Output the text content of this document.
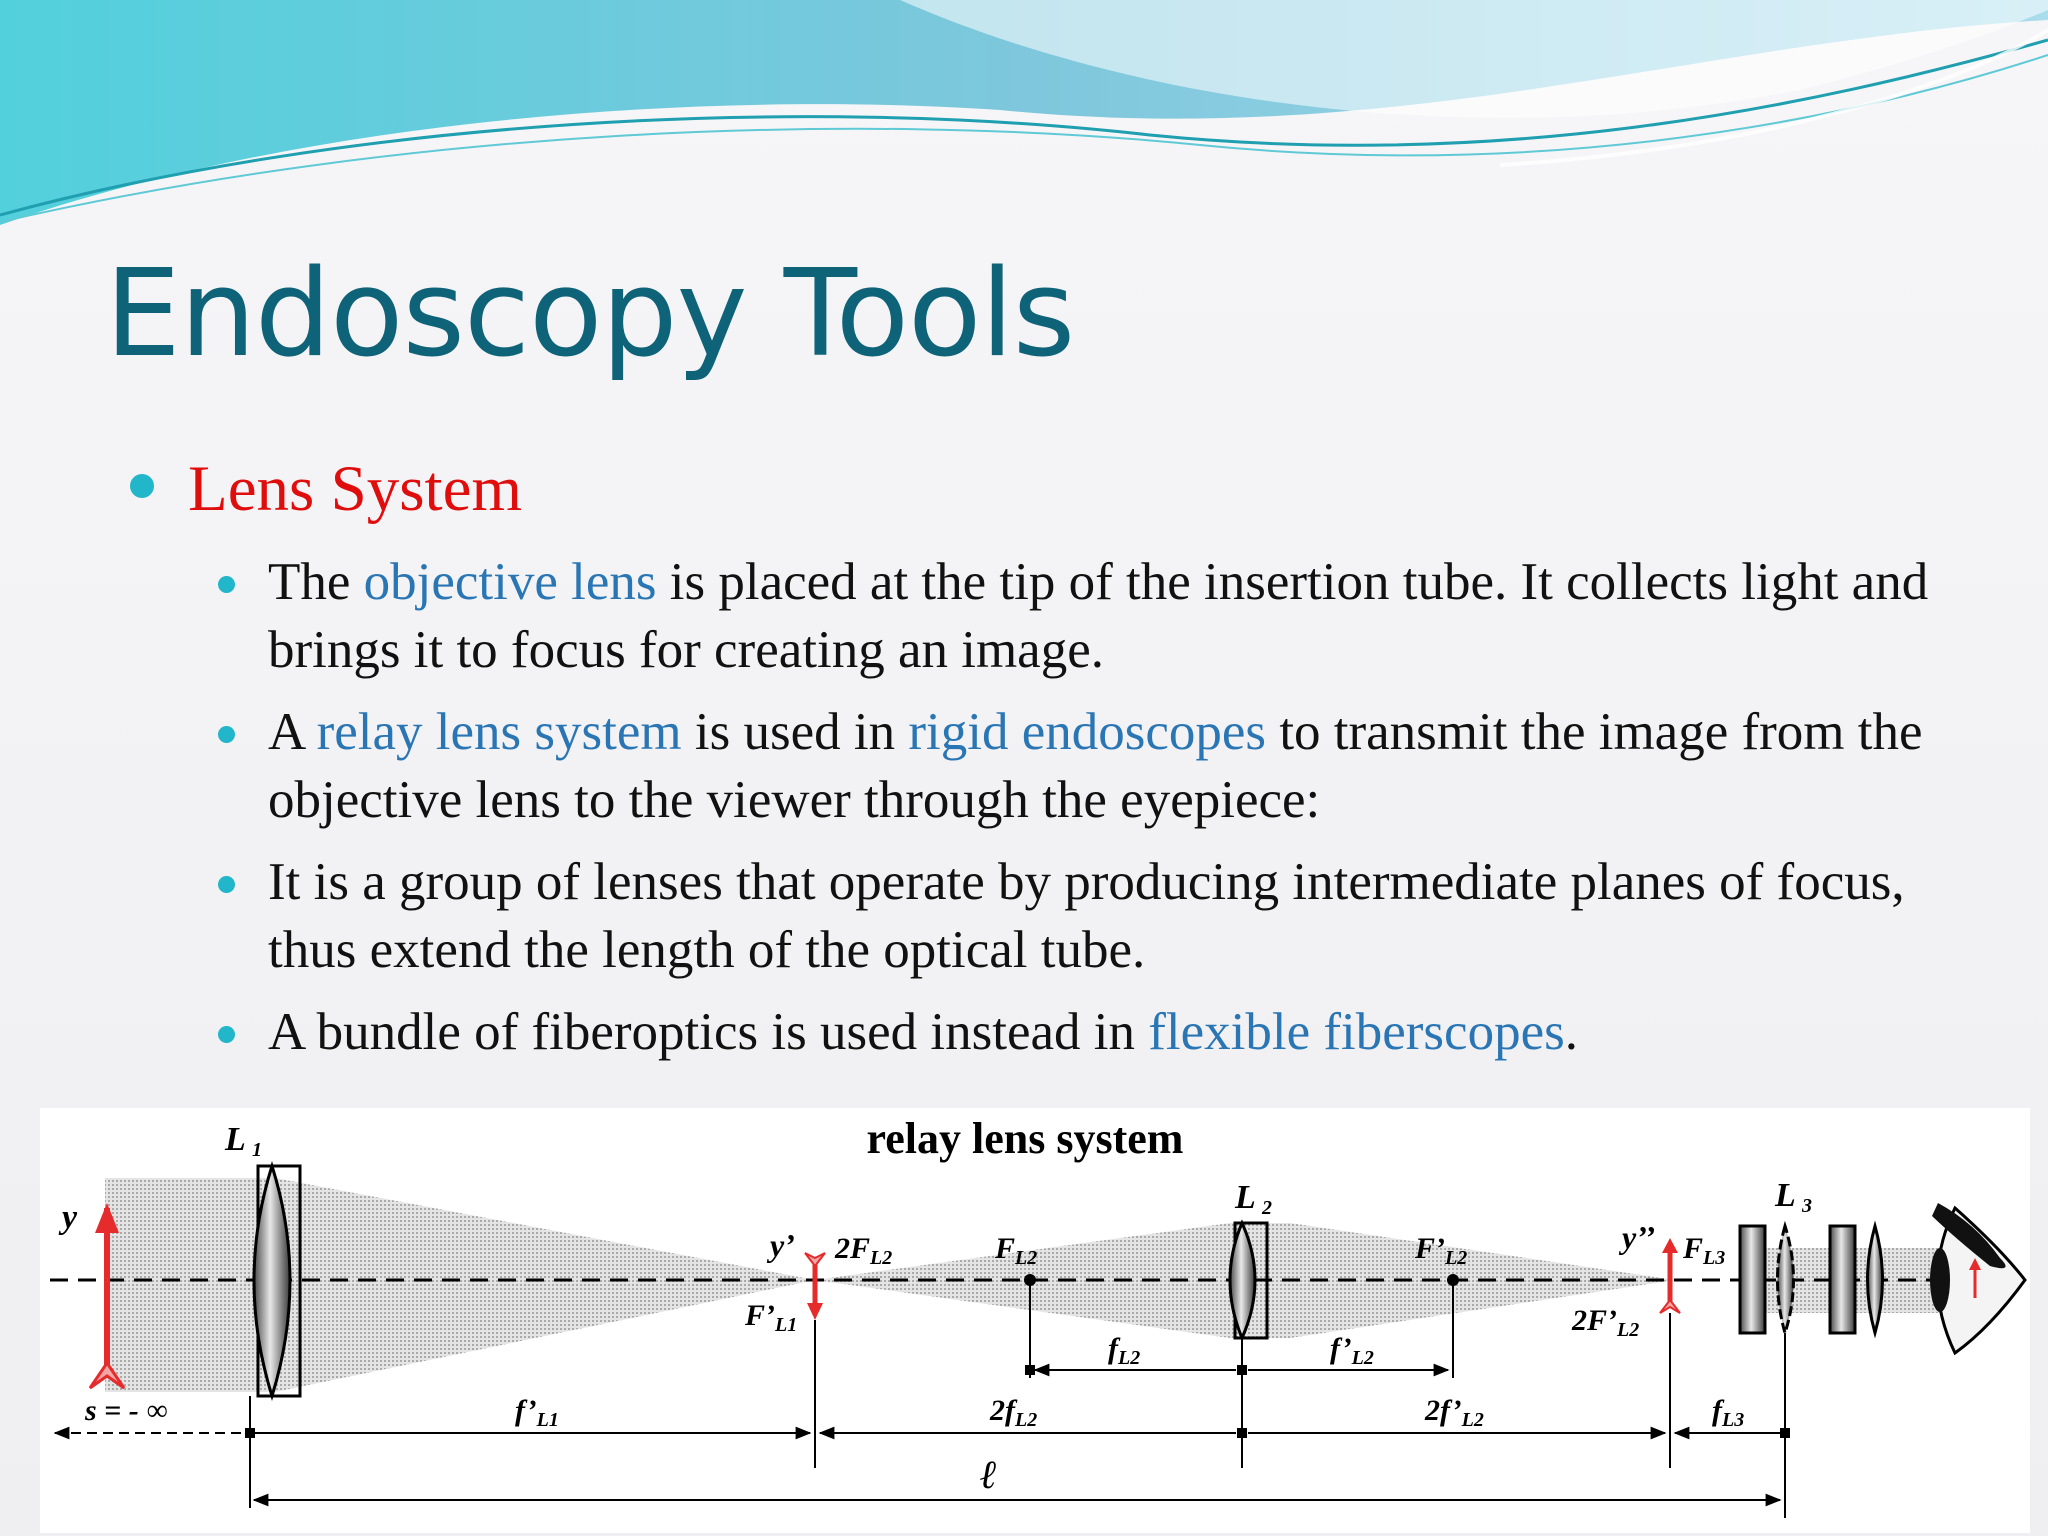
Endoscopy Tools
Lens System
The objective lens is placed at the tip of the insertion tube. It collects light and brings it to focus for creating an image.
A relay lens system is used in rigid endoscopes to transmit the image from the objective lens to the viewer through the eyepiece:
It is a group of lenses that operate by producing intermediate planes of focus, thus extend the length of the optical tube.
A bundle of fiberoptics is used instead in flexible fiberscopes.
relay lens system
L
L	L
y
y’	y’’
$2F_{L2}$	$F_{L2}$	$F’_{L2}$	$F_{L3}$
$F’_{L1}$	$2F’_{L2}$
$f_{L2}$	$f’_{L2}$
s = - ∞	$f’_{L1}$	$2f_{L2}$	$2f’_{L2}$	$f_{L3}$
ℓ
1
2	3
